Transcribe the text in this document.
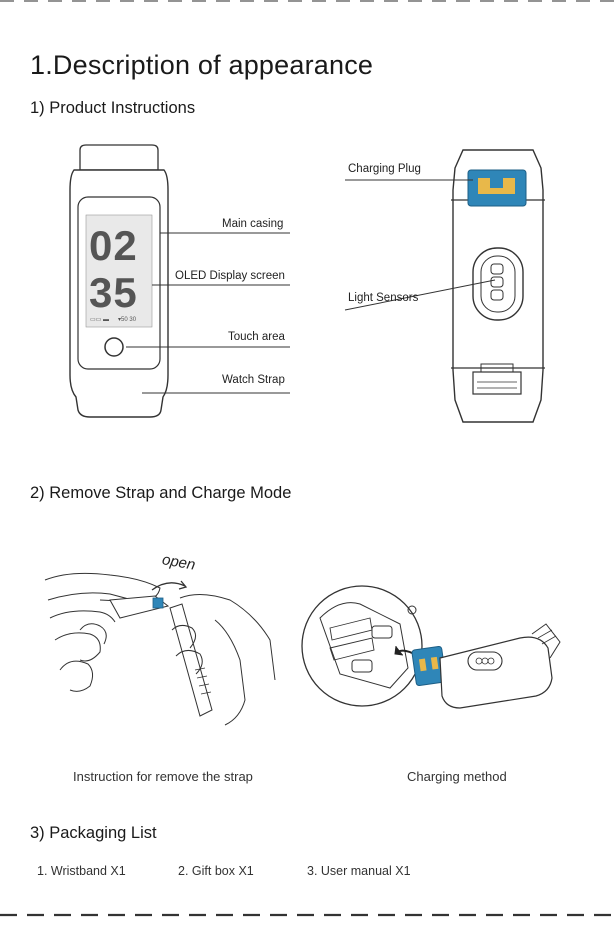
1.Description of appearance
1) Product Instructions
02
35
▭▭ ▬ ▾50 30
Main casing
OLED Display screen
Touch area
Watch Strap
Charging Plug
Light Sensors
2) Remove Strap and Charge Mode
open
Instruction for remove the strap	Charging method
3) Packaging List
1. Wristband X1	2. Gift box X1	3. User manual X1
